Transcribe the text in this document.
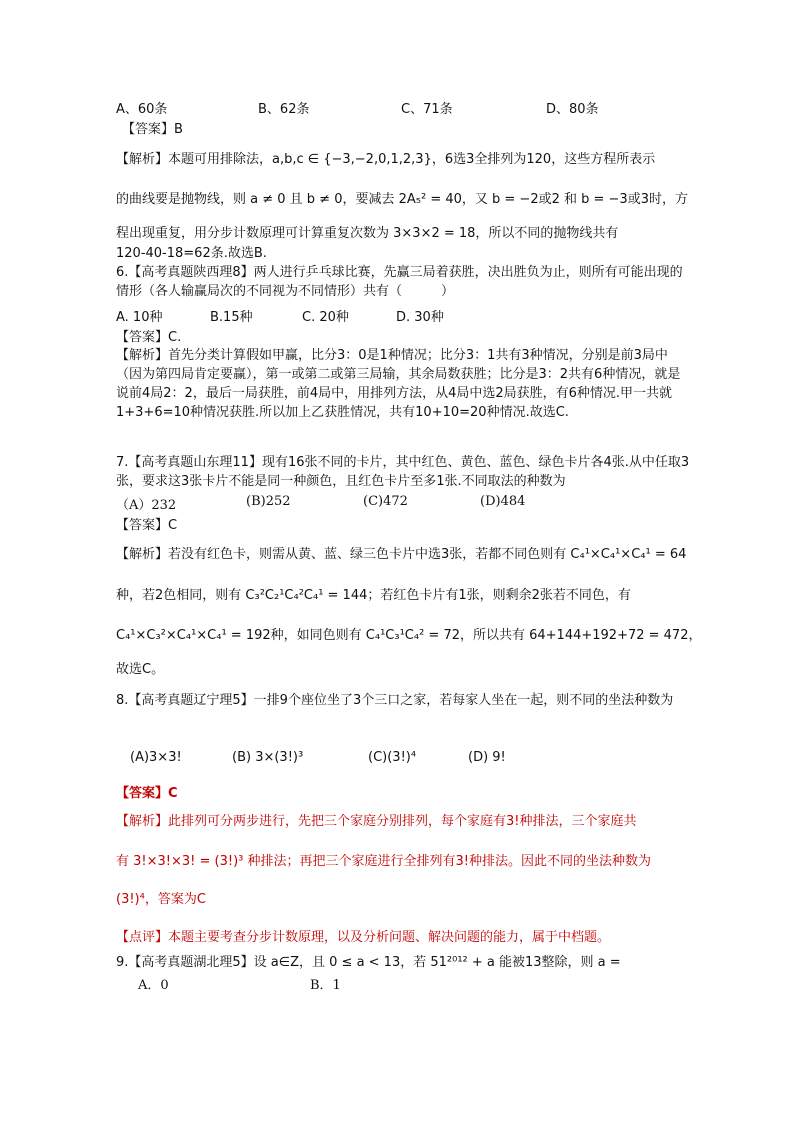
A、60条	B、62条	C、71条	D、80条
【答案】B
【解析】本题可用排除法，a,b,c ∈ {−3,−2,0,1,2,3}，6选3全排列为120，这些方程所表示
的曲线要是抛物线，则 a ≠ 0 且 b ≠ 0，要减去 2A₅² = 40，又 b = −2或2 和 b = −3或3时，方
程出现重复，用分步计数原理可计算重复次数为 3×3×2 = 18，所以不同的抛物线共有
120-40-18=62条.故选B.
6.【高考真题陕西理8】两人进行乒乓球比赛，先赢三局着获胜，决出胜负为止，则所有可能出现的情形（各人输赢局次的不同视为不同情形）共有（　　　）
A. 10种	B.15种	C. 20种	D. 30种
【答案】C.
【解析】首先分类计算假如甲赢，比分3：0是1种情况；比分3：1共有3种情况，分别是前3局中（因为第四局肯定要赢），第一或第二或第三局输，其余局数获胜；比分是3：2共有6种情况，就是说前4局2：2，最后一局获胜，前4局中，用排列方法，从4局中选2局获胜，有6种情况.甲一共就1+3+6=10种情况获胜.所以加上乙获胜情况，共有10+10=20种情况.故选C.
7.【高考真题山东理11】现有16张不同的卡片，其中红色、黄色、蓝色、绿色卡片各4张.从中任取3张，要求这3张卡片不能是同一种颜色，且红色卡片至多1张.不同取法的种数为
（A）232	(B)252	(C)472	(D)484
【答案】C
【解析】若没有红色卡，则需从黄、蓝、绿三色卡片中选3张，若都不同色则有 C₄¹×C₄¹×C₄¹ = 64
种，若2色相同，则有 C₃²C₂¹C₄²C₄¹ = 144；若红色卡片有1张，则剩余2张若不同色，有
C₄¹×C₃²×C₄¹×C₄¹ = 192种，如同色则有 C₄¹C₃¹C₄² = 72，所以共有 64+144+192+72 = 472，
故选C。
8.【高考真题辽宁理5】一排9个座位坐了3个三口之家，若每家人坐在一起，则不同的坐法种数为
(A)3×3!	(B) 3×(3!)³	(C)(3!)⁴	(D) 9!
【答案】C
【解析】此排列可分两步进行，先把三个家庭分别排列，每个家庭有3!种排法，三个家庭共
有 3!×3!×3! = (3!)³ 种排法；再把三个家庭进行全排列有3!种排法。因此不同的坐法种数为
(3!)⁴，答案为C
【点评】本题主要考查分步计数原理，以及分析问题、解决问题的能力，属于中档题。
9.【高考真题湖北理5】设 a∈Z，且 0 ≤ a < 13，若 51²⁰¹² + a 能被13整除，则 a =
A．0	B．1
